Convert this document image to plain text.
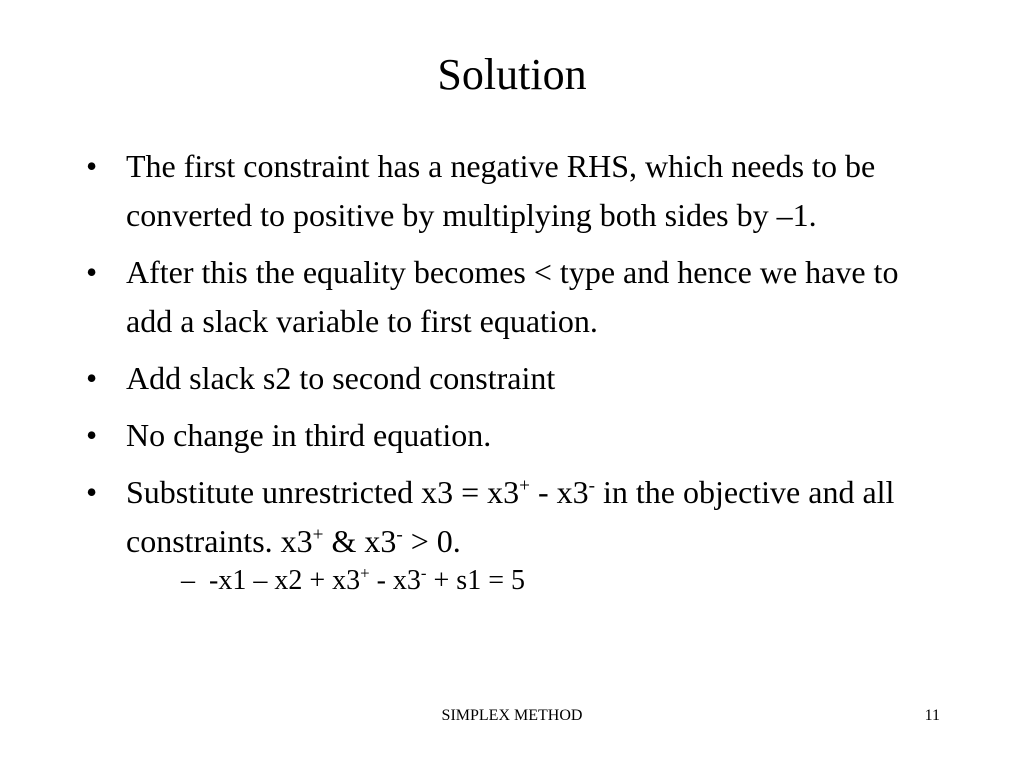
Solution
• The first constraint has a negative RHS, which needs to be converted to positive by multiplying both sides by –1.
• After this the equality becomes < type and hence we have to add a slack variable to first equation.
• Add slack s2 to second constraint
• No change in third equation.
• Substitute unrestricted x3 = x3+ - x3- in the objective and all constraints. x3+ & x3- > 0.
– -x1 – x2 + x3+ - x3- + s1 = 5
SIMPLEX METHOD	11
